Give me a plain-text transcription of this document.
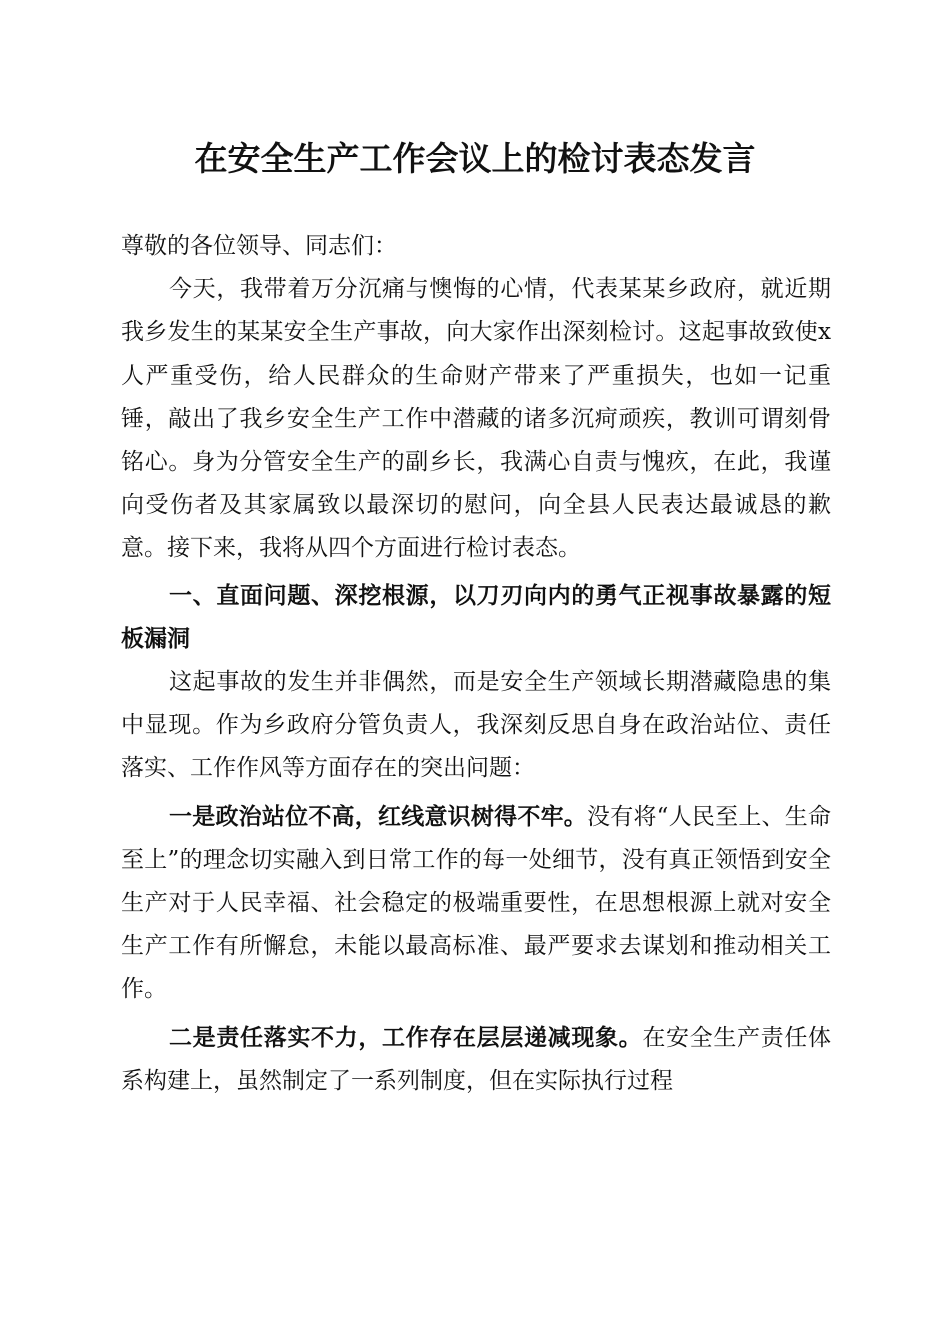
在安全生产工作会议上的检讨表态发言

尊敬的各位领导、同志们：

今天，我带着万分沉痛与懊悔的心情，代表某某乡政府，就近期我乡发生的某某安全生产事故，向大家作出深刻检讨。这起事故致使x人严重受伤，给人民群众的生命财产带来了严重损失，也如一记重锤，敲出了我乡安全生产工作中潜藏的诸多沉疴顽疾，教训可谓刻骨铭心。身为分管安全生产的副乡长，我满心自责与愧疚，在此，我谨向受伤者及其家属致以最深切的慰问，向全县人民表达最诚恳的歉意。接下来，我将从四个方面进行检讨表态。

一、直面问题、深挖根源，以刀刃向内的勇气正视事故暴露的短板漏洞

这起事故的发生并非偶然，而是安全生产领域长期潜藏隐患的集中显现。作为乡政府分管负责人，我深刻反思自身在政治站位、责任落实、工作作风等方面存在的突出问题：

一是政治站位不高，红线意识树得不牢。没有将“人民至上、生命至上”的理念切实融入到日常工作的每一处细节，没有真正领悟到安全生产对于人民幸福、社会稳定的极端重要性，在思想根源上就对安全生产工作有所懈怠，未能以最高标准、最严要求去谋划和推动相关工作。

二是责任落实不力，工作存在层层递减现象。在安全生产责任体系构建上，虽然制定了一系列制度，但在实际执行过程
